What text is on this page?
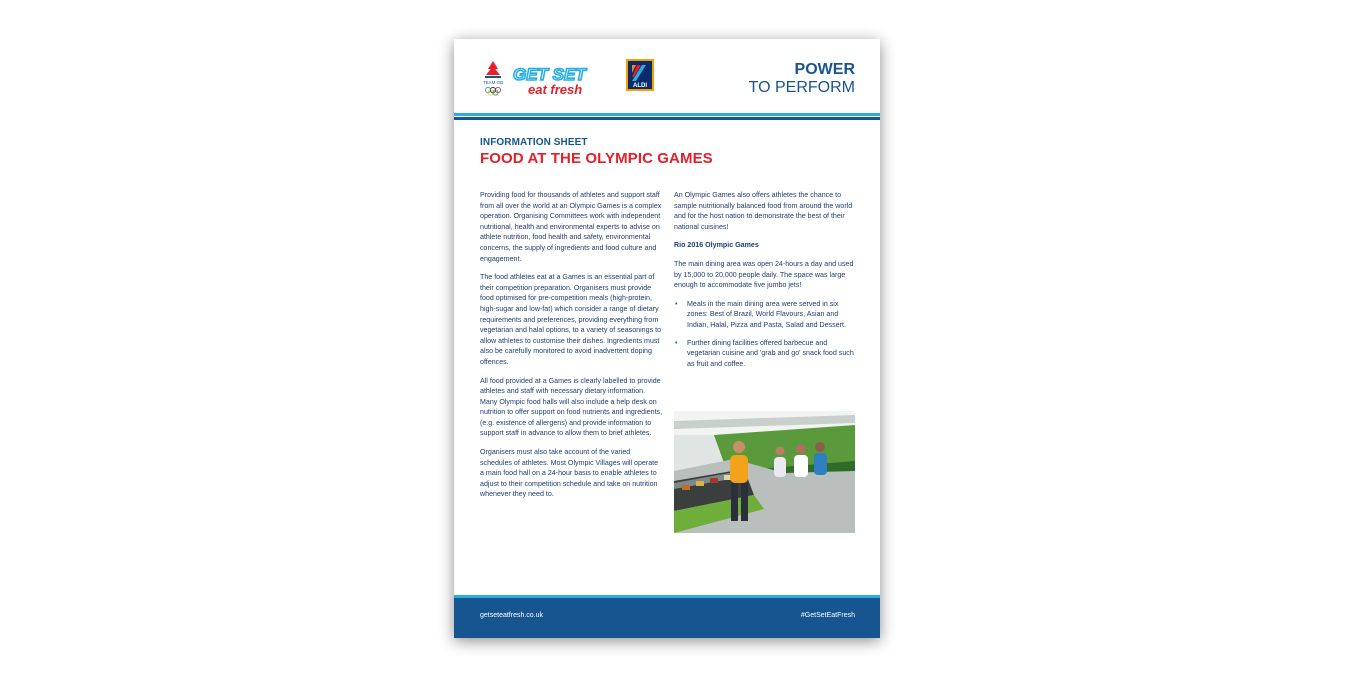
TEAM GB GET SET
eat fresh	ALDI
POWER
TO PERFORM
INFORMATION SHEET
FOOD AT THE OLYMPIC GAMES

Providing food for thousands of athletes and support staff from all over the world at an Olympic Games is a complex operation. Organising Committees work with independent nutritional, health and environmental experts to advise on athlete nutrition, food health and safety, environmental concerns, the supply of ingredients and food culture and engagement.

The food athletes eat at a Games is an essential part of their competition preparation. Organisers must provide food optimised for pre-competition meals (high-protein, high-sugar and low-fat) which consider a range of dietary requirements and preferences, providing everything from vegetarian and halal options, to a variety of seasonings to allow athletes to customise their dishes. Ingredients must also be carefully monitored to avoid inadvertent doping offences.

All food provided at a Games is clearly labelled to provide athletes and staff with necessary dietary information. Many Olympic food halls will also include a help desk on nutrition to offer support on food nutrients and ingredients, (e.g. existence of allergens) and provide information to support staff in advance to allow them to brief athletes.

Organisers must also take account of the varied schedules of athletes. Most Olympic Villages will operate a main food hall on a 24-hour basis to enable athletes to adjust to their competition schedule and take on nutrition whenever they need to.

An Olympic Games also offers athletes the chance to sample nutritionally balanced food from around the world and for the host nation to demonstrate the best of their national cuisines!

Rio 2016 Olympic Games

The main dining area was open 24-hours a day and used by 15,000 to 20,000 people daily. The space was large enough to accommodate five jumbo jets!

• Meals in the main dining area were served in six zones: Best of Brazil, World Flavours, Asian and Indian, Halal, Pizza and Pasta, Salad and Dessert.
• Further dining facilities offered barbecue and vegetarian cuisine and 'grab and go' snack food such as fruit and coffee.
getseteatfresh.co.uk	#GetSetEatFresh
